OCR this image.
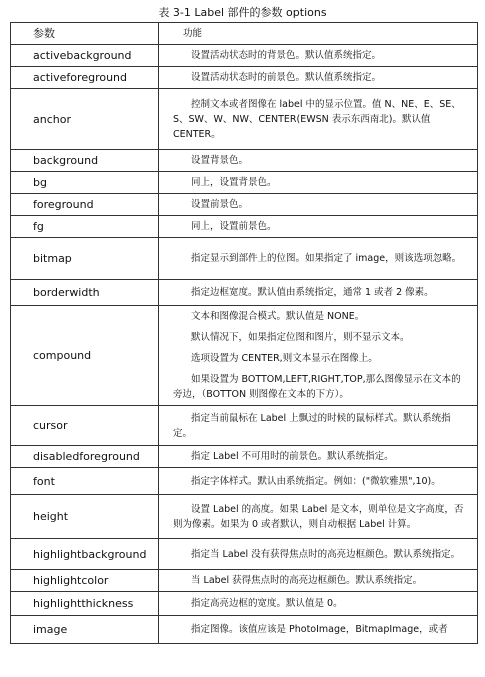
表 3-1 Label 部件的参数 options
参数	功能
activebackground	设置活动状态时的背景色。默认值系统指定。

activeforeground	设置活动状态时的前景色。默认值系统指定。

anchor	控制文本或者图像在 label 中的显示位置。值 N、NE、E、SE、S、SW、W、NW、CENTER(EWSN 表示东西南北)。默认值 CENTER。

background	设置背景色。

bg	同上，设置背景色。

foreground	设置前景色。

fg	同上，设置前景色。

bitmap	指定显示到部件上的位图。如果指定了 image，则该选项忽略。

borderwidth	指定边框宽度。默认值由系统指定，通常 1 或者 2 像素。

compound	文本和图像混合模式。默认值是 NONE。
默认情况下，如果指定位图和图片，则不显示文本。
选项设置为 CENTER,则文本显示在图像上。
如果设置为 BOTTOM,LEFT,RIGHT,TOP,那么图像显示在文本的旁边，（BOTTON 则图像在文本的下方）。

cursor	指定当前鼠标在 Label 上飘过的时候的鼠标样式。默认系统指定。

disabledforeground	指定 Label 不可用时的前景色。默认系统指定。

font	指定字体样式。默认由系统指定。例如：("微软雅黑",10)。

height	设置 Label 的高度。如果 Label 是文本，则单位是文字高度，否则为像素。如果为 0 或者默认，则自动根据 Label 计算。

highlightbackground	指定当 Label 没有获得焦点时的高亮边框颜色。默认系统指定。

highlightcolor	当 Label 获得焦点时的高亮边框颜色。默认系统指定。

highlightthickness	指定高亮边框的宽度。默认值是 0。

image	指定图像。该值应该是 PhotoImage，BitmapImage，或者
